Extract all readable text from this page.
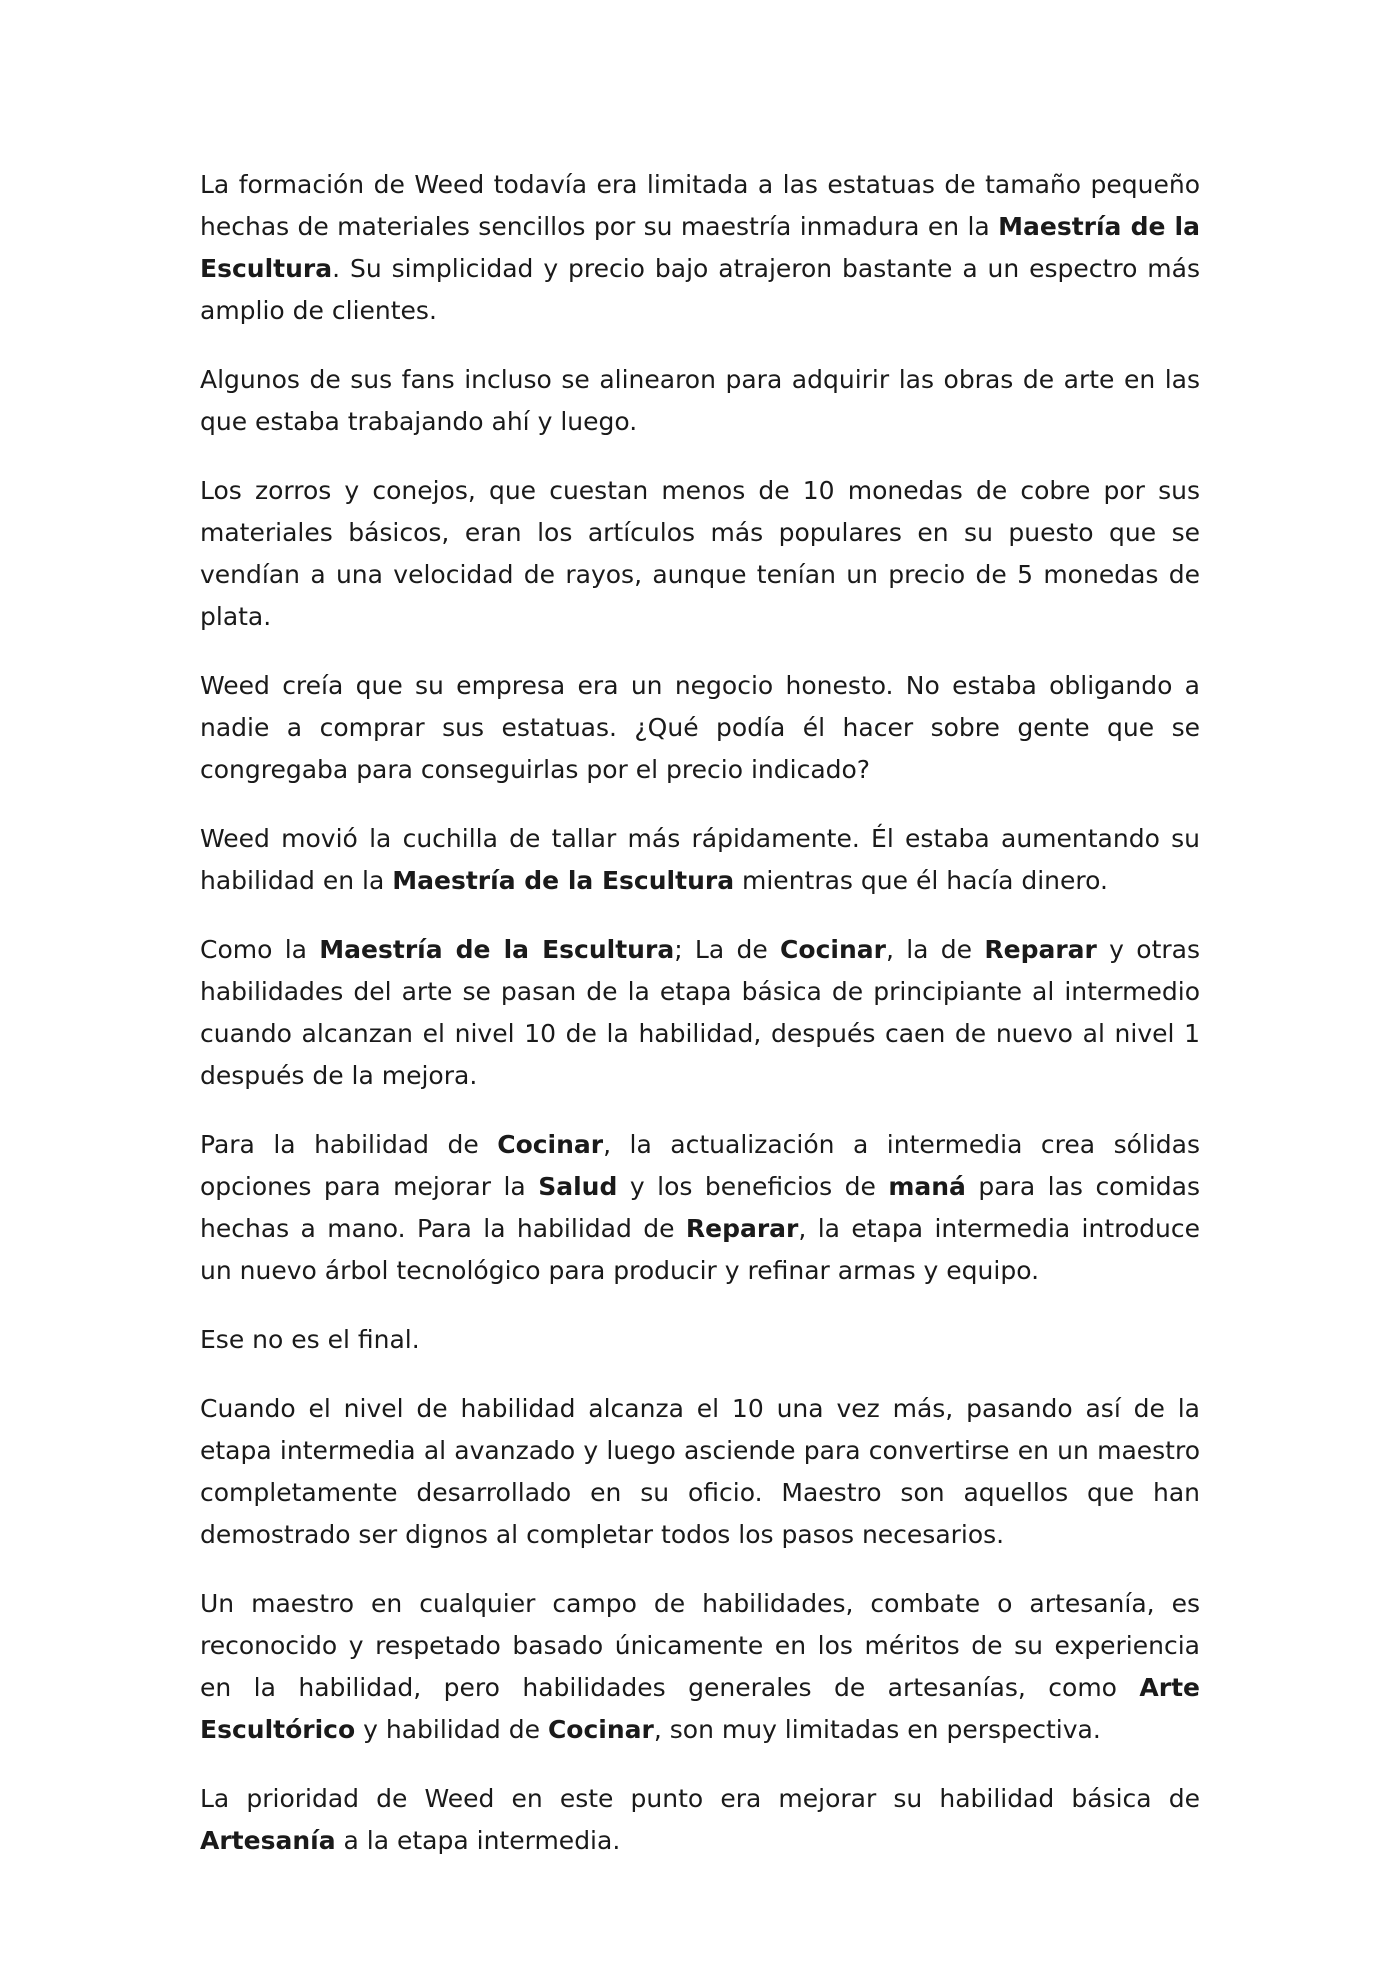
La formación de Weed todavía era limitada a las estatuas de tamaño pequeño hechas de materiales sencillos por su maestría inmadura en la Maestría de la Escultura. Su simplicidad y precio bajo atrajeron bastante a un espectro más amplio de clientes.

Algunos de sus fans incluso se alinearon para adquirir las obras de arte en las que estaba trabajando ahí y luego.

Los zorros y conejos, que cuestan menos de 10 monedas de cobre por sus materiales básicos, eran los artículos más populares en su puesto que se vendían a una velocidad de rayos, aunque tenían un precio de 5 monedas de plata.

Weed creía que su empresa era un negocio honesto. No estaba obligando a nadie a comprar sus estatuas. ¿Qué podía él hacer sobre gente que se congregaba para conseguirlas por el precio indicado?

Weed movió la cuchilla de tallar más rápidamente. Él estaba aumentando su habilidad en la Maestría de la Escultura mientras que él hacía dinero.

Como la Maestría de la Escultura; La de Cocinar, la de Reparar y otras habilidades del arte se pasan de la etapa básica de principiante al intermedio cuando alcanzan el nivel 10 de la habilidad, después caen de nuevo al nivel 1 después de la mejora.

Para la habilidad de Cocinar, la actualización a intermedia crea sólidas opciones para mejorar la Salud y los beneficios de maná para las comidas hechas a mano. Para la habilidad de Reparar, la etapa intermedia introduce un nuevo árbol tecnológico para producir y refinar armas y equipo.

Ese no es el final.

Cuando el nivel de habilidad alcanza el 10 una vez más, pasando así de la etapa intermedia al avanzado y luego asciende para convertirse en un maestro completamente desarrollado en su oficio. Maestro son aquellos que han demostrado ser dignos al completar todos los pasos necesarios.

Un maestro en cualquier campo de habilidades, combate o artesanía, es reconocido y respetado basado únicamente en los méritos de su experiencia en la habilidad, pero habilidades generales de artesanías, como Arte Escultórico y habilidad de Cocinar, son muy limitadas en perspectiva.

La prioridad de Weed en este punto era mejorar su habilidad básica de Artesanía a la etapa intermedia.
